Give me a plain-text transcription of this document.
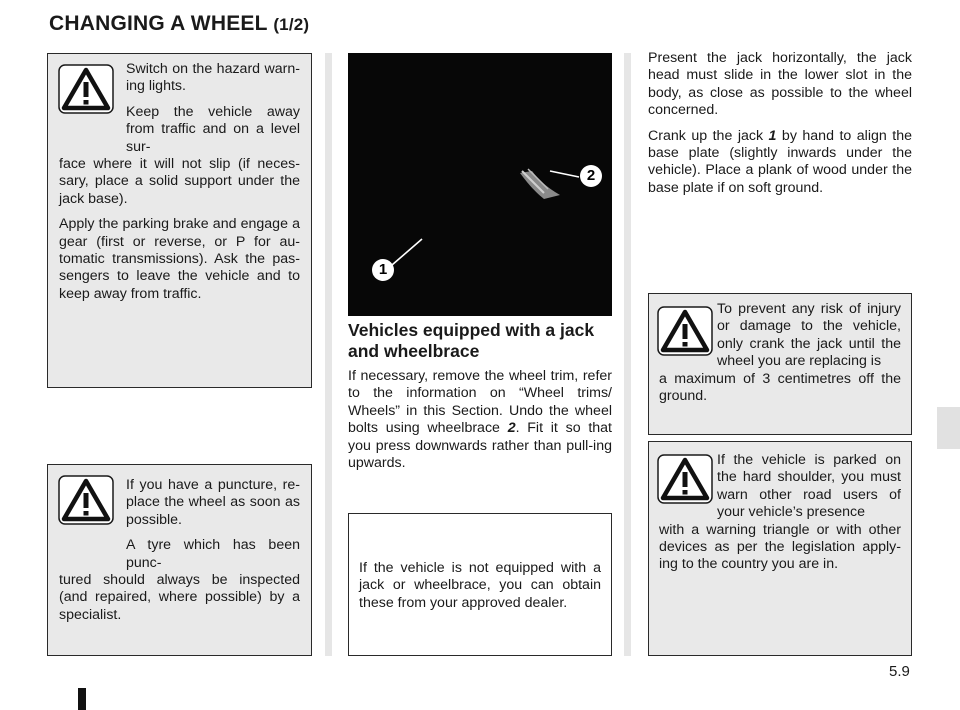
CHANGING A WHEEL (1/2)

Switch on the hazard warn-ing lights.

Keep the vehicle away from traffic and on a level sur-
face where it will not slip (if neces-sary, place a solid support under the jack base).

Apply the parking brake and engage a gear (first or reverse, or P for au-tomatic transmissions). Ask the pas-sengers to leave the vehicle and to keep away from traffic.

If you have a puncture, re-place the wheel as soon as possible.

A tyre which has been punc-
tured should always be inspected (and repaired, where possible) by a specialist.

2
1
Vehicles equipped with a jack and wheelbrace
If necessary, remove the wheel trim, refer to the information on “Wheel trims/ Wheels” in this Section. Undo the wheel bolts using wheelbrace 2. Fit it so that you press downwards rather than pull-ing upwards.
If the vehicle is not equipped with a jack or wheelbrace, you can obtain these from your approved dealer.

Present the jack horizontally, the jack head must slide in the lower slot in the body, as close as possible to the wheel concerned.

Crank up the jack 1 by hand to align the base plate (slightly inwards under the vehicle). Place a plank of wood under the base plate if on soft ground.

To prevent any risk of injury or damage to the vehicle, only crank the jack until the wheel you are replacing is
a maximum of 3 centimetres off the ground.
If the vehicle is parked on the hard shoulder, you must warn other road users of your vehicle’s presence
with a warning triangle or with other devices as per the legislation apply-ing to the country you are in.
5.9
